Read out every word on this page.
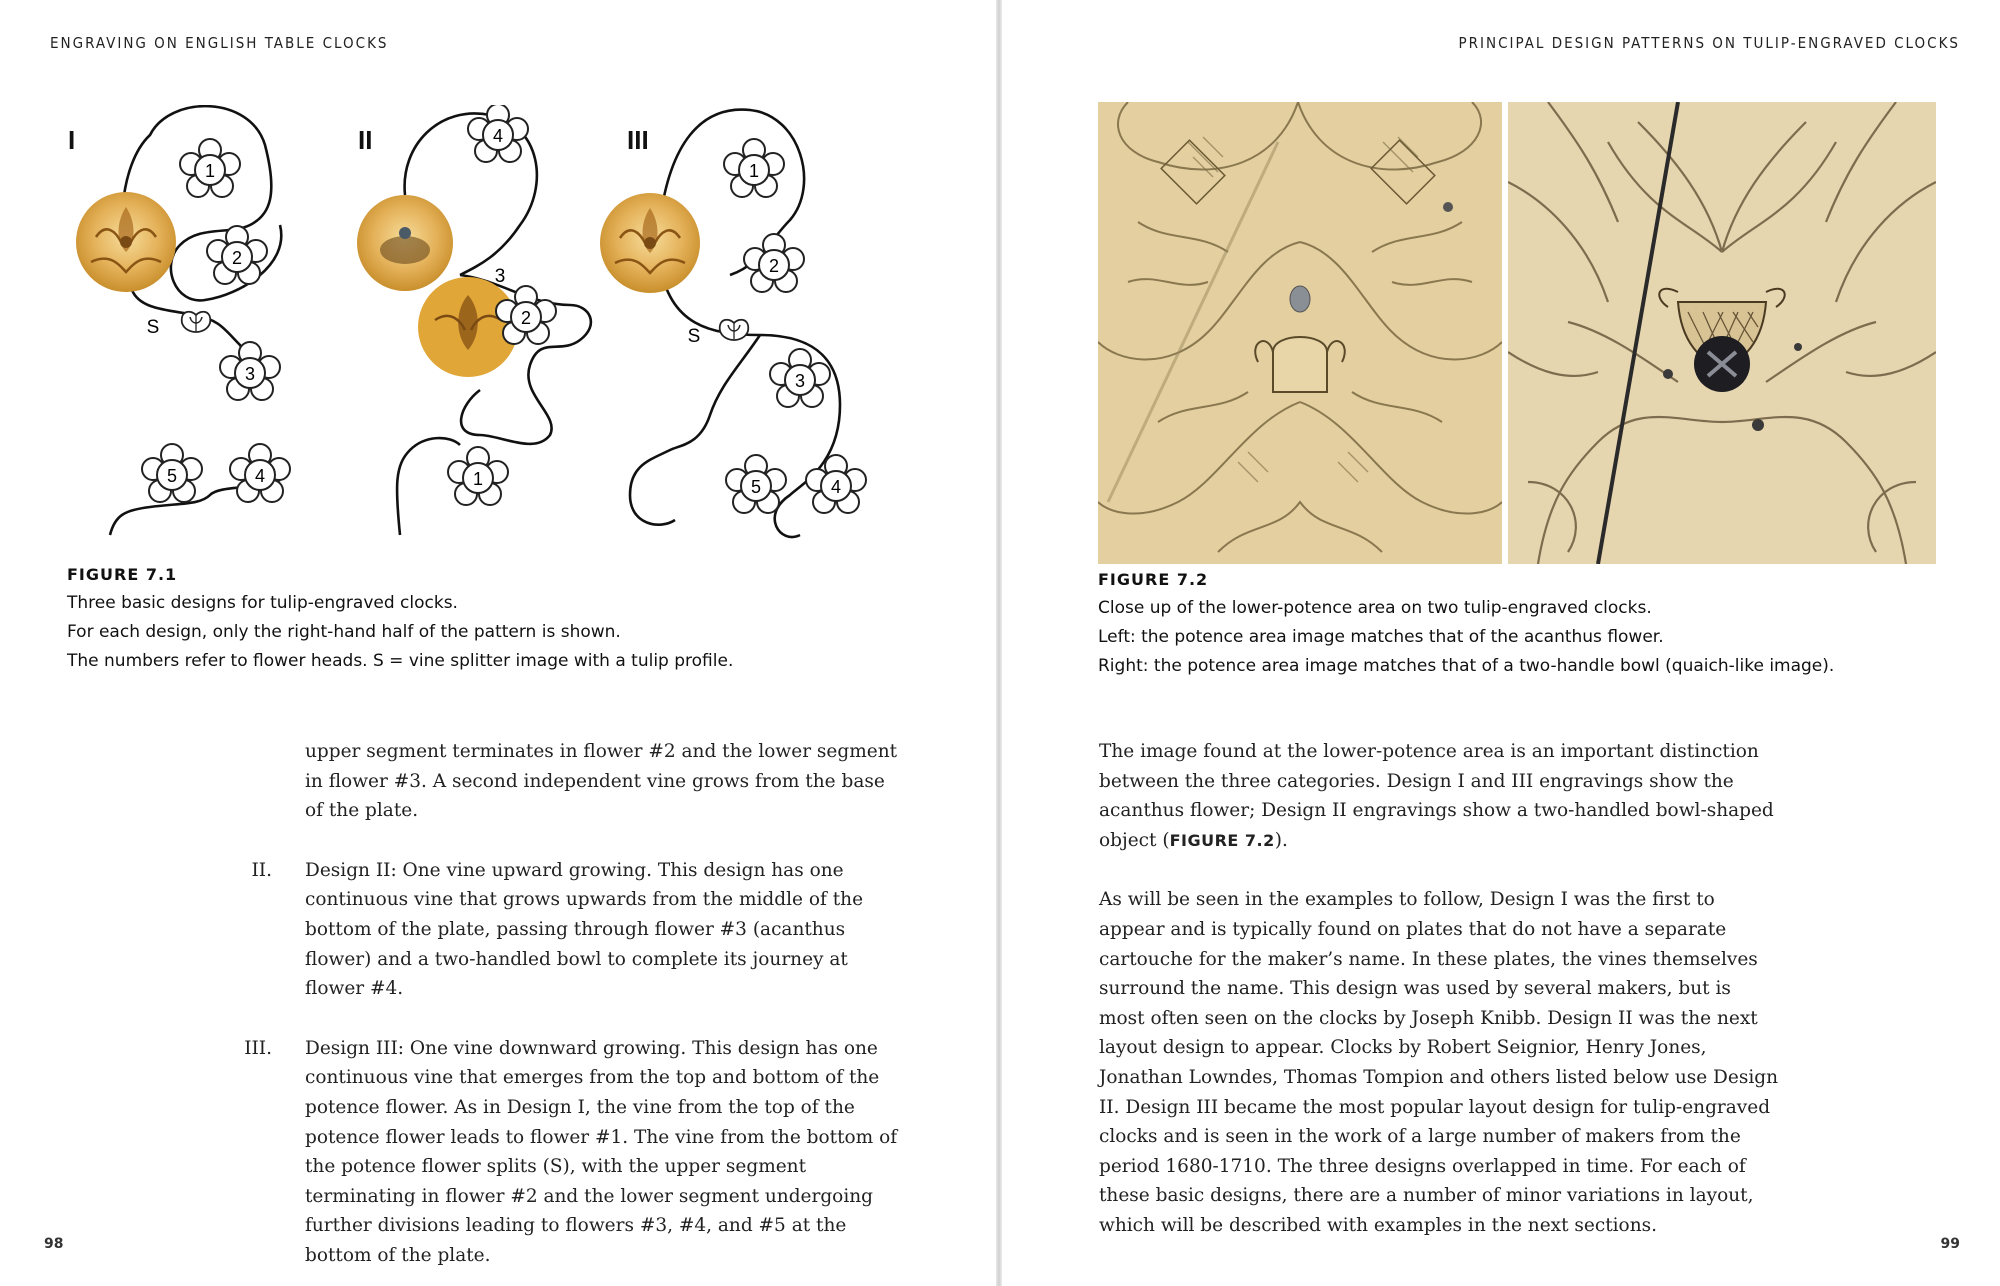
ENGRAVING ON ENGLISH TABLE CLOCKS
I
1
2
3
4
5
S
II	4
3
2
1
III
1
2
3
4
5
S
FIGURE 7.1
Three basic designs for tulip-engraved clocks.
For each design, only the right-hand half of the pattern is shown.
The numbers refer to flower heads. S = vine splitter image with a tulip profile.

upper segment terminates in flower #2 and the lower segment in flower #3. A second independent vine grows from the base of the plate.

II. Design II: One vine upward growing. This design has one continuous vine that grows upwards from the middle of the bottom of the plate, passing through flower #3 (acanthus flower) and a two-handled bowl to complete its journey at flower #4.

III. Design III: One vine downward growing. This design has one continuous vine that emerges from the top and bottom of the potence flower. As in Design I, the vine from the top of the potence flower leads to flower #1. The vine from the bottom of the potence flower splits (S), with the upper segment terminating in flower #2 and the lower segment undergoing further divisions leading to flowers #3, #4, and #5 at the bottom of the plate.

98
PRINCIPAL DESIGN PATTERNS ON TULIP-ENGRAVED CLOCKS
FIGURE 7.2
Close up of the lower-potence area on two tulip-engraved clocks.
Left: the potence area image matches that of the acanthus flower.
Right: the potence area image matches that of a two-handle bowl (quaich-like image).

The image found at the lower-potence area is an important distinction between the three categories. Design I and III engravings show the acanthus flower; Design II engravings show a two-handled bowl-shaped object (FIGURE 7.2).

As will be seen in the examples to follow, Design I was the first to appear and is typically found on plates that do not have a separate cartouche for the maker’s name. In these plates, the vines themselves surround the name. This design was used by several makers, but is most often seen on the clocks by Joseph Knibb. Design II was the next layout design to appear. Clocks by Robert Seignior, Henry Jones, Jonathan Lowndes, Thomas Tompion and others listed below use Design II. Design III became the most popular layout design for tulip-engraved clocks and is seen in the work of a large number of makers from the period 1680-1710. The three designs overlapped in time. For each of these basic designs, there are a number of minor variations in layout, which will be described with examples in the next sections.

99
